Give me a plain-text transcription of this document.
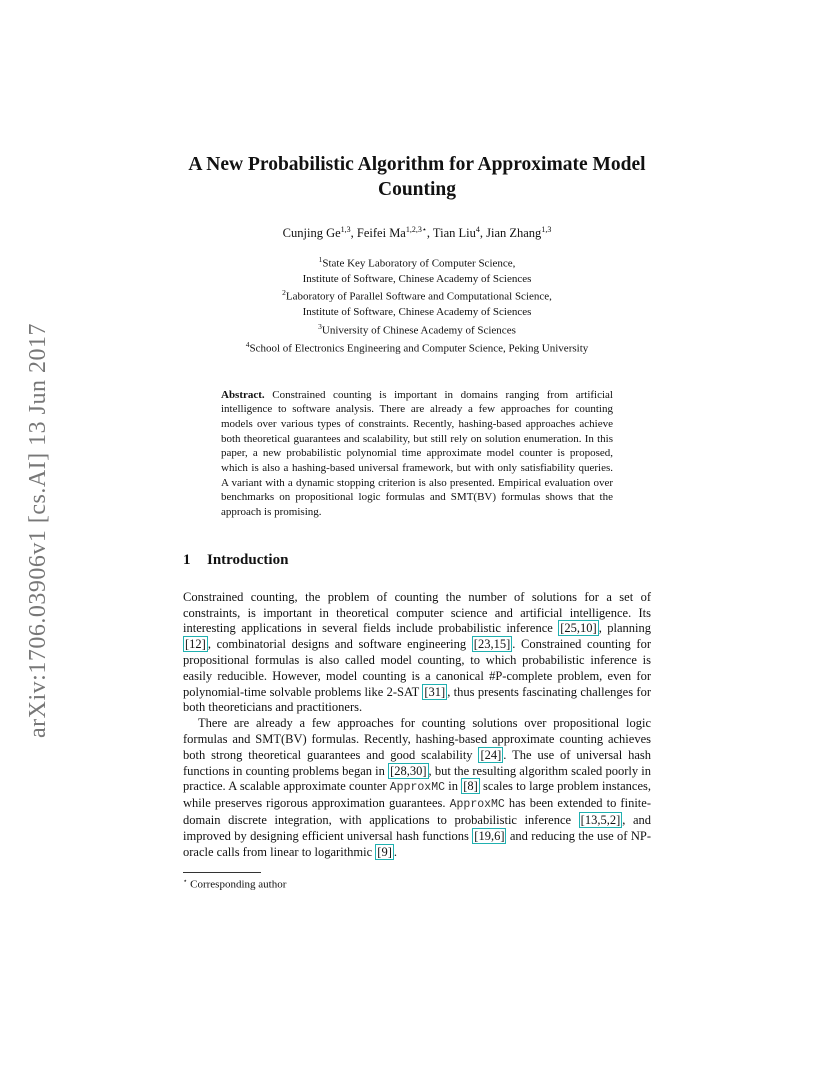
arXiv:1706.03906v1 [cs.AI] 13 Jun 2017
A New Probabilistic Algorithm for Approximate Model Counting
Cunjing Ge$^{1,3}$, Feifei $Ma^{1,2,3⋆}$, Tian Liu$^4$, Jian Zhang$^{1,3}$
$^1$State Key Laboratory of Computer Science,
Institute of Software, Chinese Academy of Sciences
$^2$Laboratory of Parallel Software and Computational Science,
Institute of Software, Chinese Academy of Sciences
$^3$University of Chinese Academy of Sciences
$^4$School of Electronics Engineering and Computer Science, Peking University
Abstract. Constrained counting is important in domains ranging from artificial intelligence to software analysis. There are already a few approaches for counting models over various types of constraints. Recently, hashing-based approaches achieve both theoretical guarantees and scalability, but still rely on solution enumeration. In this paper, a new probabilistic polynomial time approximate model counter is proposed, which is also a hashing-based universal framework, but with only satisfiability queries. A variant with a dynamic stopping criterion is also presented. Empirical evaluation over benchmarks on propositional logic formulas and SMT(BV) formulas shows that the approach is promising.
1 Introduction

Constrained counting, the problem of counting the number of solutions for a set of constraints, is important in theoretical computer science and artificial intelligence. Its interesting applications in several fields include probabilistic inference [25,10] , planning [12] , combinatorial designs and software engineering [23,15] . Constrained counting for propositional formulas is also called model counting, to which probabilistic inference is easily reducible. However, model counting is a canonical #P-complete problem, even for polynomial-time solvable problems like 2-SAT [31] , thus presents fascinating challenges for both theoreticians and practitioners.

There are already a few approaches for counting solutions over propositional logic formulas and SMT(BV) formulas. Recently, hashing-based approximate counting achieves both strong theoretical guarantees and good scalability [24] . The use of universal hash functions in counting problems began in [28,30] , but the resulting algorithm scaled poorly in practice. A scalable approximate counter ApproxMC in [8] scales to large problem instances, while preserves rigorous approximation guarantees. ApproxMC has been extended to finite-domain discrete integration, with applications to probabilistic inference [13,5,2] , and improved by designing efficient universal hash functions [19,6] and reducing the use of NP-oracle calls from linear to logarithmic [9] .

⋆ Corresponding author
